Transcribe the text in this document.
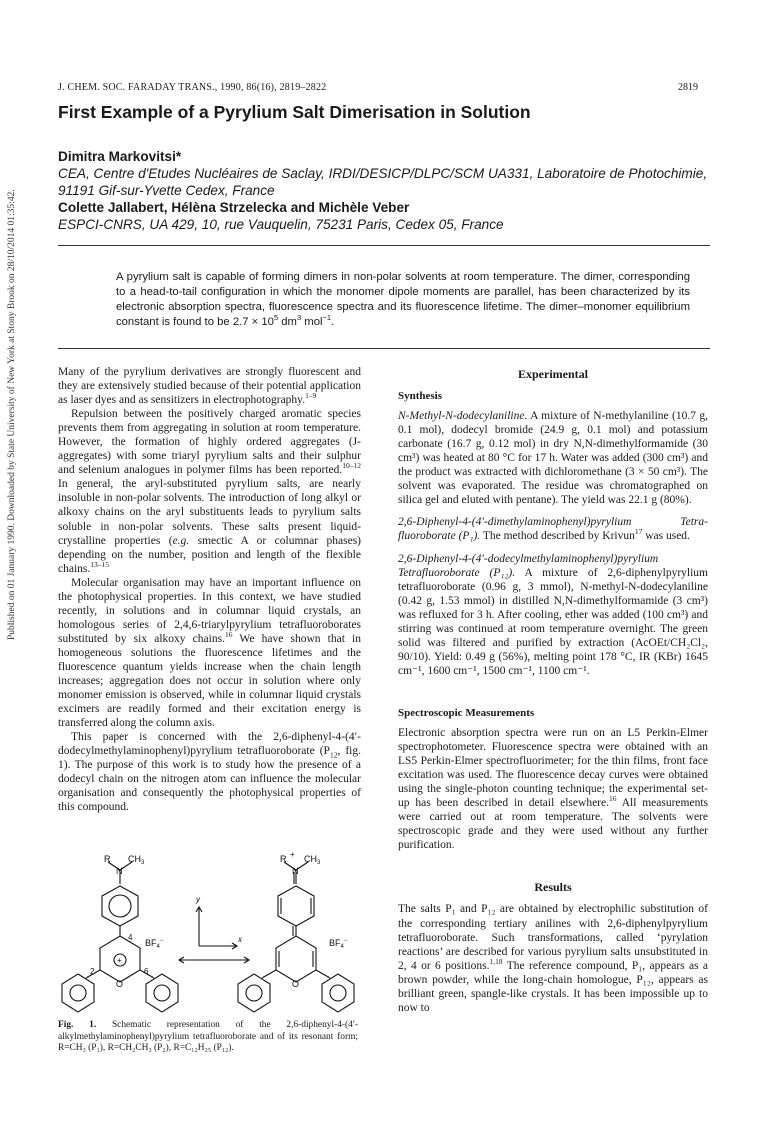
Published on 01 January 1990. Downloaded by State University of New York at Stony Brook on 28/10/2014 01:35:42.
J. CHEM. SOC. FARADAY TRANS., 1990, 86(16), 2819–2822	2819
First Example of a Pyrylium Salt Dimerisation in Solution
Dimitra Markovitsi*
CEA, Centre d'Etudes Nucléaires de Saclay, IRDI/DESICP/DLPC/SCM UA331, Laboratoire de Photochimie, 91191 Gif-sur-Yvette Cedex, France
Colette Jallabert, Hélèna Strzelecka and Michèle Veber
ESPCI-CNRS, UA 429, 10, rue Vauquelin, 75231 Paris, Cedex 05, France
A pyrylium salt is capable of forming dimers in non-polar solvents at room temperature. The dimer, corresponding to a head-to-tail configuration in which the monomer dipole moments are parallel, has been characterized by its electronic absorption spectra, fluorescence spectra and its fluorescence lifetime. The dimer–monomer equilibrium constant is found to be $2.7 \times 10^5$ $dm^3$ mol$^{-1}$.

Many of the pyrylium derivatives are strongly fluorescent and they are extensively studied because of their potential application as laser dyes and as sensitizers in electrophotography.$^{1-9}$

Repulsion between the positively charged aromatic species prevents them from aggregating in solution at room temperature. However, the formation of highly ordered aggregates (J-aggregates) with some triaryl pyrylium salts and their sulphur and selenium analogues in polymer films has been reported.$^{10-12}$ In general, the aryl-substituted pyrylium salts, are nearly insoluble in non-polar solvents. The introduction of long alkyl or alkoxy chains on the aryl substituents leads to pyrylium salts soluble in non-polar solvents. These salts present liquid-crystalline properties (e.g. smectic A or columnar phases) depending on the number, position and length of the flexible chains.$^{13-15}$

Molecular organisation may have an important influence on the photophysical properties. In this context, we have studied recently, in solutions and in columnar liquid crystals, an homologous series of 2,4,6-triarylpyrylium tetrafluoroborates substituted by six alkoxy chains.$^{16}$ We have shown that in homogeneous solutions the fluorescence lifetimes and the fluorescence quantum yields increase when the chain length increases; aggregation does not occur in solution where only monomer emission is observed, while in columnar liquid crystals excimers are readily formed and their excitation energy is transferred along the column axis.

This paper is concerned with the 2,6-diphenyl-4-(4′-dodecylmethylaminophenyl)pyrylium tetrafluoroborate ($P_{12}$, fig. 1). The purpose of this work is to study how the presence of a dodecyl chain on the nitrogen atom can influence the molecular organisation and consequently the photophysical properties of this compound.

R $CH_3$
N
+
O
$BF_4^-$
4
2	6
y
x
$R + CH_3$
N
O
$BF_4^-$
Fig. 1. Schematic representation of the 2,6-diphenyl-4-(4′-alkylmethylaminophenyl)pyrylium tetrafluoroborate and of its resonant form; R=CH₃ (P₁), R=CH₂CH₃ (P₂), R=C₁₂H₂₅ (P₁₂).
Experimental
Synthesis

N-Methyl-N-dodecylaniline. A mixture of N-methylaniline (10.7 g, 0.1 mol), dodecyl bromide (24.9 g, 0.1 mol) and potassium carbonate (16.7 g, 0.12 mol) in dry N,N-dimethylformamide (30 cm³) was heated at 80 °C for 17 h. Water was added (300 cm³) and the product was extracted with dichloromethane (3 × 50 cm³). The solvent was evaporated. The residue was chromatographed on silica gel and eluted with pentane). The yield was 22.1 g (80%).

2,6-Diphenyl-4-(4′-dimethylaminophenyl)pyrylium Tetra-fluoroborate (P₁). The method described by Krivun$^{17}$ was used.

2,6-Diphenyl-4-(4′-dodecylmethylaminophenyl)pyrylium Tetrafluoroborate (P₁₂). A mixture of 2,6-diphenylpyrylium tetrafluoroborate (0.96 g, 3 mmol), N-methyl-N-dodecylaniline (0.42 g, 1.53 mmol) in distilled N,N-dimethylformamide (3 cm³) was refluxed for 3 h. After cooling, ether was added (100 cm³) and stirring was continued at room temperature overnight. The green solid was filtered and purified by extraction (AcOEt/CH₂Cl₂, 90/10). Yield: 0.49 g (56%), melting point 178 °C, IR (KBr) 1645 cm⁻¹, 1600 cm⁻¹, 1500 cm⁻¹, 1100 cm⁻¹.

Spectroscopic Measurements

Electronic absorption spectra were run on an L5 Perkin-Elmer spectrophotometer. Fluorescence spectra were obtained with an LS5 Perkin-Elmer spectrofluorimeter; for the thin films, front face excitation was used. The fluorescence decay curves were obtained using the single-photon counting technique; the experimental set-up has been described in detail elsewhere.$^{16}$ All measurements were carried out at room temperature. The solvents were spectroscopic grade and they were used without any further purification.

Results

The salts P₁ and P₁₂ are obtained by electrophilic substitution of the corresponding tertiary anilines with 2,6-diphenylpyrylium tetrafluoroborate. Such transformations, called ‘pyrylation reactions’ are described for various pyrylium salts unsubstituted in 2, 4 or 6 positions.$^{1,18}$ The reference compound, P₁, appears as a brown powder, while the long-chain homologue, P₁₂, appears as brilliant green, spangle-like crystals. It has been impossible up to now to
